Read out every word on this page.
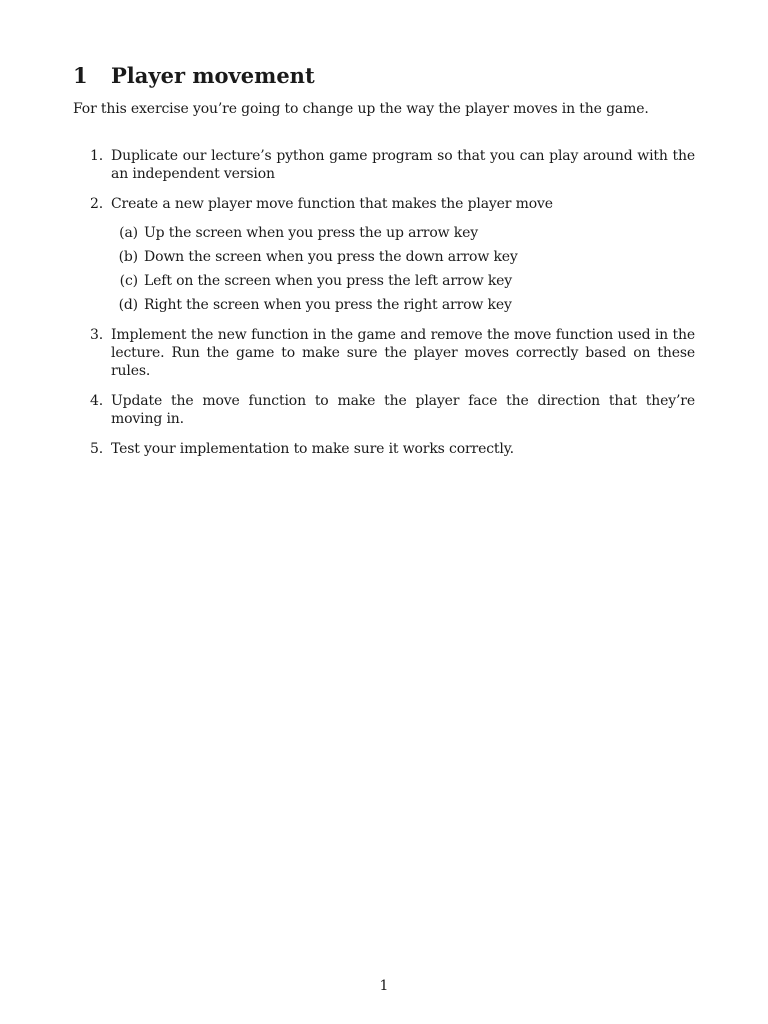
1	Player movement

For this exercise you’re going to change up the way the player moves in the game.

1. Duplicate our lecture’s python game program so that you can play around with the an independent version
2. Create a new player move function that makes the player move
(a) Up the screen when you press the up arrow key
(b) Down the screen when you press the down arrow key
(c) Left on the screen when you press the left arrow key
(d) Right the screen when you press the right arrow key
3. Implement the new function in the game and remove the move function used in the lecture. Run the game to make sure the player moves correctly based on these rules.
4. Update the move function to make the player face the direction that they’re moving in.
5. Test your implementation to make sure it works correctly.
1
